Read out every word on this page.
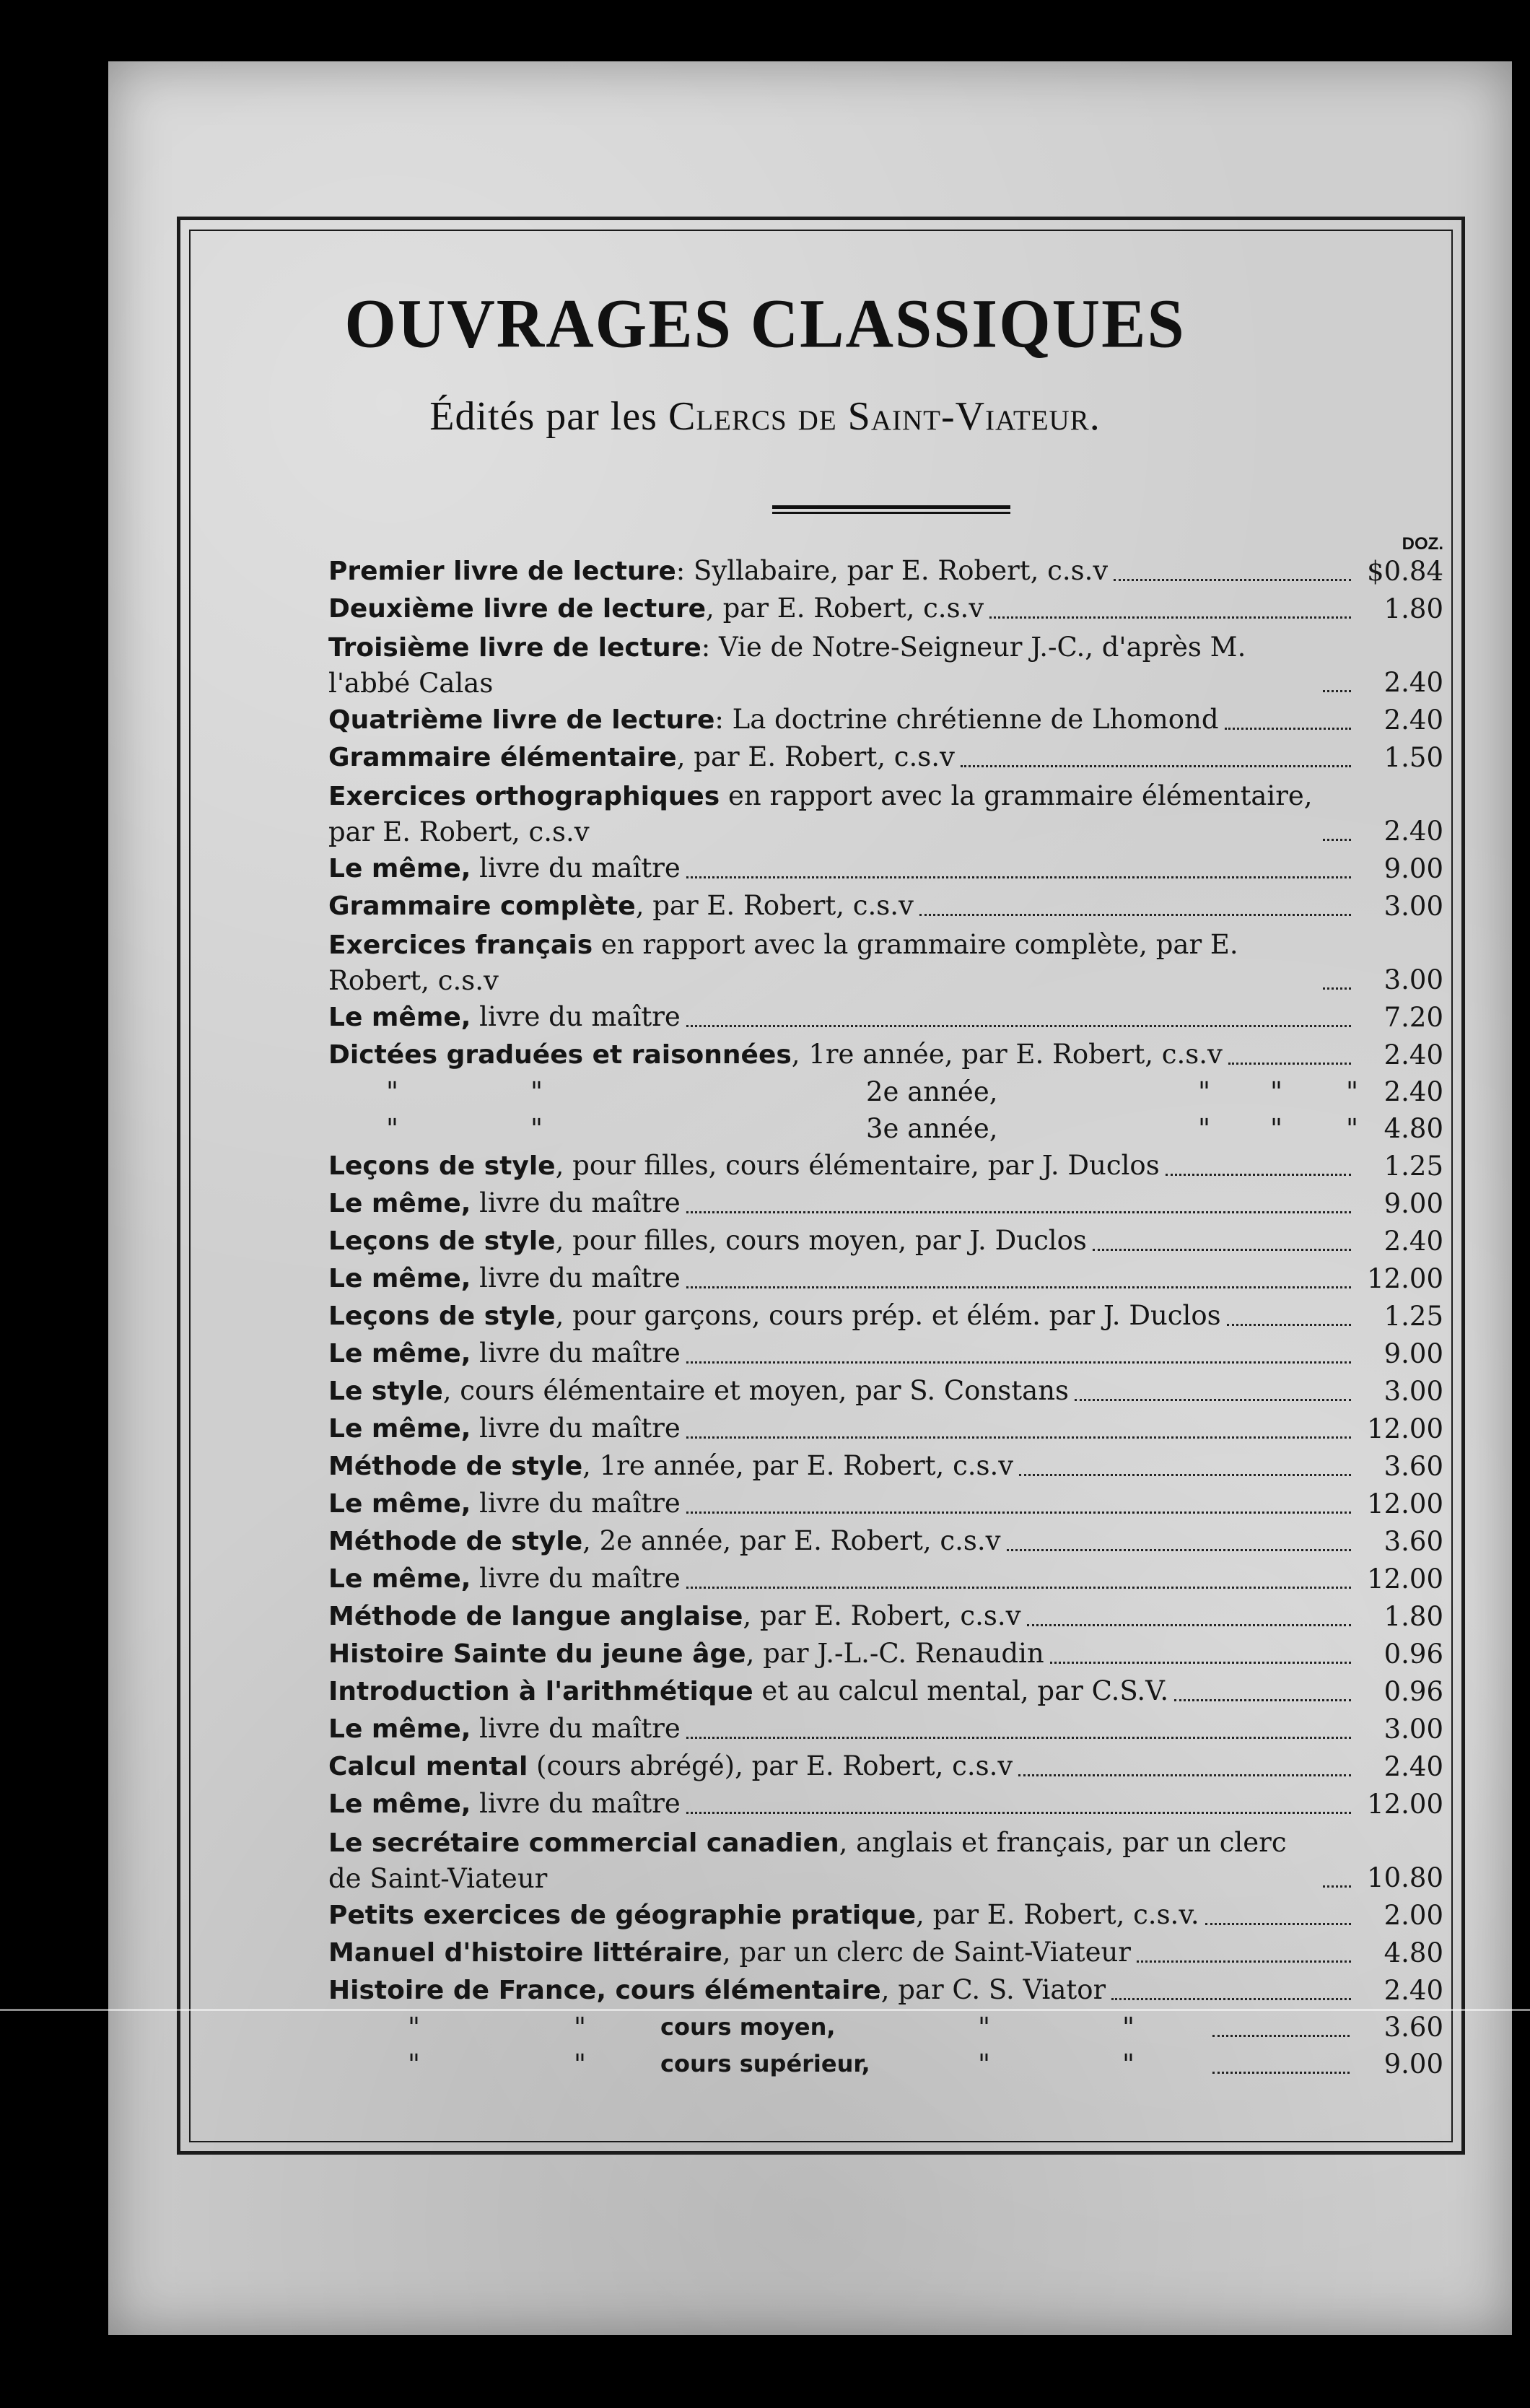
OUVRAGES CLASSIQUES
Édités par les Clercs de Saint-Viateur.
DOZ.
Premier livre de lecture: Syllabaire, par E. Robert, c.s.v	$0.84
Deuxième livre de lecture, par E. Robert, c.s.v	1.80
Troisième livre de lecture: Vie de Notre-Seigneur J.-C., d'après M. l'abbé Calas	2.40
Quatrième livre de lecture: La doctrine chrétienne de Lhomond	2.40
Grammaire élémentaire, par E. Robert, c.s.v	1.50
Exercices orthographiques en rapport avec la grammaire élémentaire, par E. Robert, c.s.v	2.40
Le même, livre du maître	9.00
Grammaire complète, par E. Robert, c.s.v	3.00
Exercices français en rapport avec la grammaire complète, par E. Robert, c.s.v	3.00
Le même, livre du maître	7.20
Dictées graduées et raisonnées, 1re année, par E. Robert, c.s.v	2.40
"	"	2e année,	" " " 2.40
"	"	3e année,	" " " 4.80
Leçons de style, pour filles, cours élémentaire, par J. Duclos	1.25
Le même, livre du maître	9.00
Leçons de style, pour filles, cours moyen, par J. Duclos	2.40
Le même, livre du maître	12.00
Leçons de style, pour garçons, cours prép. et élém. par J. Duclos	1.25
Le même, livre du maître	9.00
Le style, cours élémentaire et moyen, par S. Constans	3.00
Le même, livre du maître	12.00
Méthode de style, 1re année, par E. Robert, c.s.v	3.60
Le même, livre du maître	12.00
Méthode de style, 2e année, par E. Robert, c.s.v	3.60
Le même, livre du maître	12.00
Méthode de langue anglaise, par E. Robert, c.s.v	1.80
Histoire Sainte du jeune âge, par J.-L.-C. Renaudin	0.96
Introduction à l'arithmétique et au calcul mental, par C.S.V.	0.96
Le même, livre du maître	3.00
Calcul mental (cours abrégé), par E. Robert, c.s.v	2.40
Le même, livre du maître	12.00
Le secrétaire commercial canadien, anglais et français, par un clerc de Saint-Viateur	10.80
Petits exercices de géographie pratique, par E. Robert, c.s.v.	2.00
Manuel d'histoire littéraire, par un clerc de Saint-Viateur	4.80
Histoire de France, cours élémentaire, par C. S. Viator	2.40
"	"	cours moyen,	"	"	3.60
"	"	cours supérieur,	"	"	9.00
